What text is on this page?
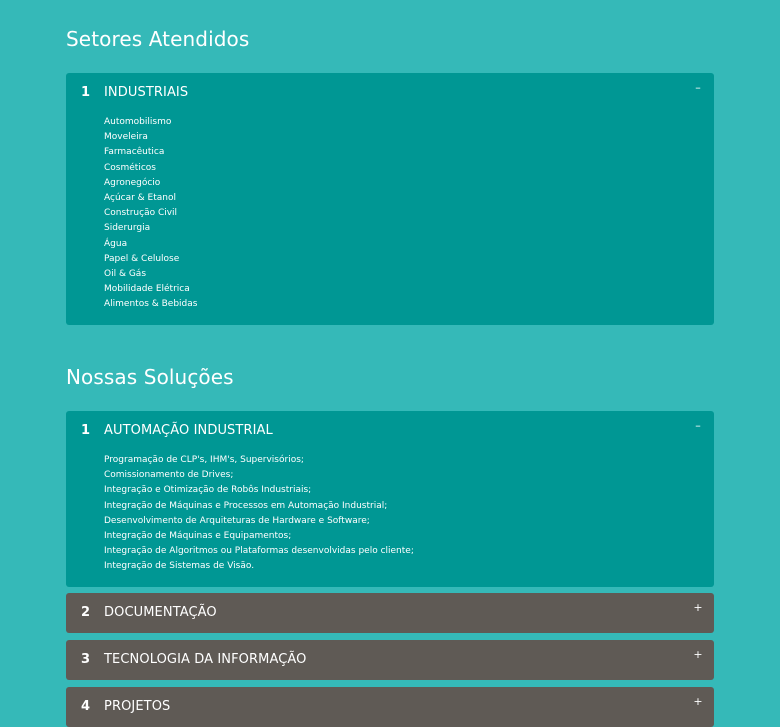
Setores Atendidos
1 INDUSTRIAIS	–
Automobilismo
Moveleira
Farmacêutica
Cosméticos
Agronegócio
Açúcar & Etanol
Construção Civil
Siderurgia
Água
Papel & Celulose
Oil & Gás
Mobilidade Elétrica
Alimentos & Bebidas
Nossas Soluções
1 AUTOMAÇÃO INDUSTRIAL	–
Programação de CLP's, IHM's, Supervisórios;
Comissionamento de Drives;
Integração e Otimização de Robôs Industriais;
Integração de Máquinas e Processos em Automação Industrial;
Desenvolvimento de Arquiteturas de Hardware e Software;
Integração de Máquinas e Equipamentos;
Integração de Algoritmos ou Plataformas desenvolvidas pelo cliente;
Integração de Sistemas de Visão.
2 DOCUMENTAÇÃO	+
3 TECNOLOGIA DA INFORMAÇÃO	+
4 PROJETOS	+
